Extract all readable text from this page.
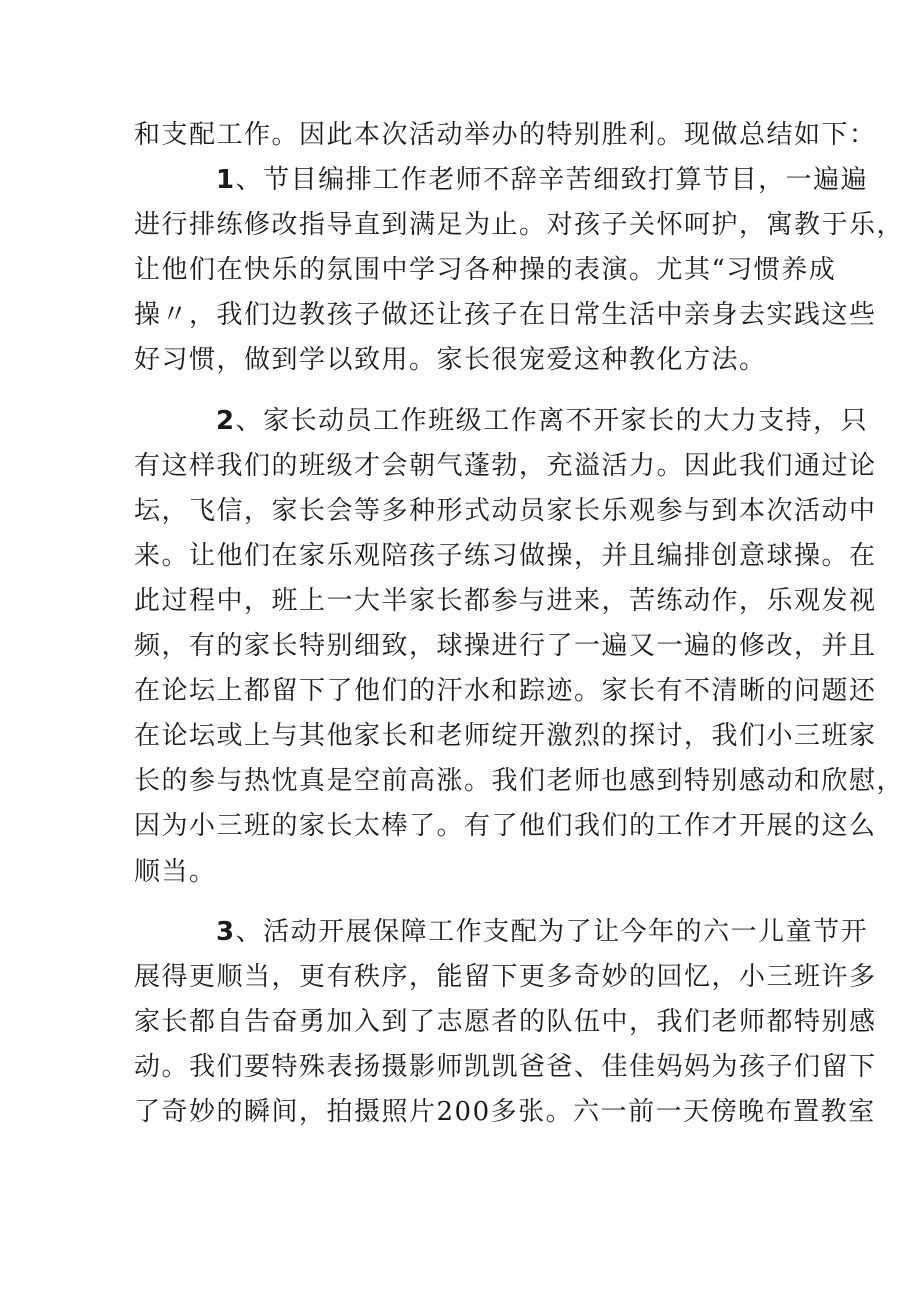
和支配工作。因此本次活动举办的特别胜利。现做总结如下：
1、节目编排工作老师不辞辛苦细致打算节目，一遍遍
进行排练修改指导直到满足为止。对孩子关怀呵护，寓教于乐，
让他们在快乐的氛围中学习各种操的表演。尤其“习惯养成
操〃，我们边教孩子做还让孩子在日常生活中亲身去实践这些
好习惯，做到学以致用。家长很宠爱这种教化方法。
2、家长动员工作班级工作离不开家长的大力支持，只
有这样我们的班级才会朝气蓬勃，充溢活力。因此我们通过论
坛，飞信，家长会等多种形式动员家长乐观参与到本次活动中
来。让他们在家乐观陪孩子练习做操，并且编排创意球操。在
此过程中，班上一大半家长都参与进来，苦练动作，乐观发视
频，有的家长特别细致，球操进行了一遍又一遍的修改，并且
在论坛上都留下了他们的汗水和踪迹。家长有不清晰的问题还
在论坛或上与其他家长和老师绽开激烈的探讨，我们小三班家
长的参与热忱真是空前高涨。我们老师也感到特别感动和欣慰，
因为小三班的家长太棒了。有了他们我们的工作才开展的这么
顺当。
3、活动开展保障工作支配为了让今年的六一儿童节开
展得更顺当，更有秩序，能留下更多奇妙的回忆，小三班许多
家长都自告奋勇加入到了志愿者的队伍中，我们老师都特别感
动。我们要特殊表扬摄影师凯凯爸爸、佳佳妈妈为孩子们留下
了奇妙的瞬间，拍摄照片200多张。六一前一天傍晚布置教室
